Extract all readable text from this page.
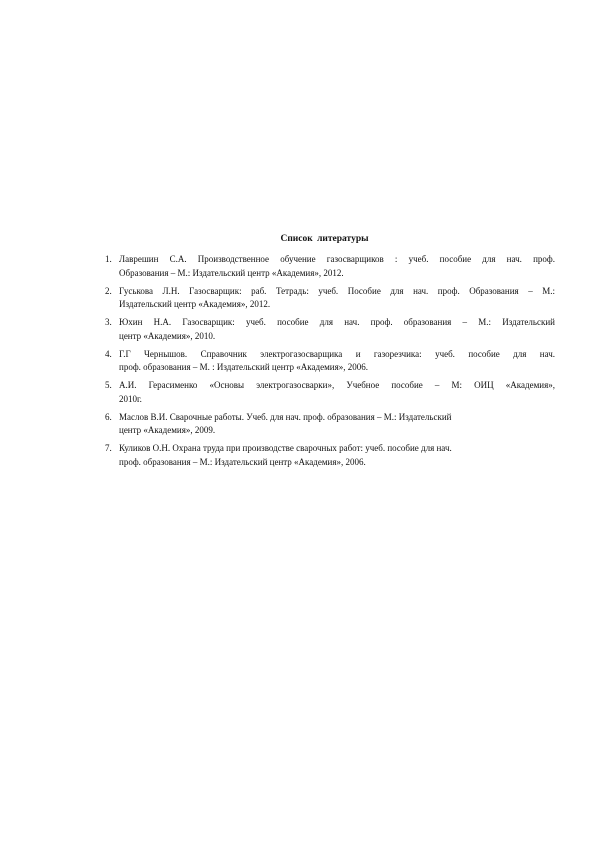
Список литературы
1. Лаврешин С.А. Производственное обучение газосварщиков : учеб. пособие для нач. проф.
Образования – М.: Издательский центр «Академия», 2012.
2. Гуськова Л.Н. Газосварщик: раб. Тетрадь: учеб. Пособие для нач. проф. Образования – М.:
Издательский центр «Академия», 2012.
3. Юхин Н.А. Газосварщик: учеб. пособие для нач. проф. образования – М.: Издательский
центр «Академия», 2010.
4. Г.Г Чернышов. Справочник электрогазосварщика и газорезчика: учеб. пособие для нач.
проф. образования – М. : Издательский центр «Академия», 2006.
5. А.И. Герасименко «Основы электрогазосварки», Учебное пособие – М: ОИЦ «Академия»,
2010г.
6. Маслов В.И. Сварочные работы. Учеб. для нач. проф. образования – М.: Издательский
центр «Академия», 2009.
7. Куликов О.Н. Охрана труда при производстве сварочных работ: учеб. пособие для нач.
проф. образования – М.: Издательский центр «Академия», 2006.
